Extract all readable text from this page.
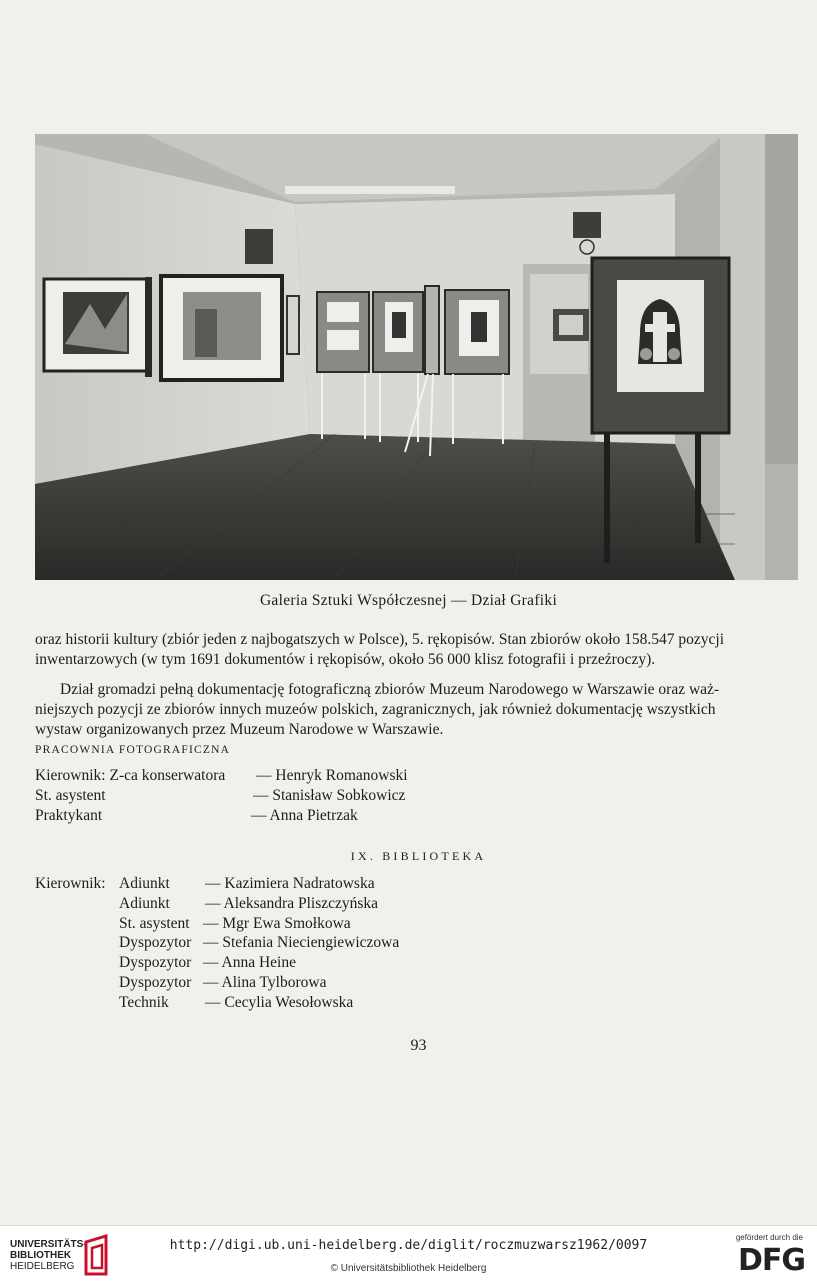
Galeria Sztuki Współczesnej — Dział Grafiki
oraz historii kultury (zbiór jeden z najbogatszych w Polsce), 5. rękopisów. Stan zbiorów około 158.547 pozycji
inwentarzowych (w tym 1691 dokumentów i rękopisów, około 56 000 klisz fotografii i przeźroczy).
Dział gromadzi pełną dokumentację fotograficzną zbiorów Muzeum Narodowego w Warszawie oraz waż-
niejszych pozycji ze zbiorów innych muzeów polskich, zagranicznych, jak również dokumentację wszystkich
wystaw organizowanych przez Muzeum Narodowe w Warszawie.
PRACOWNIA FOTOGRAFICZNA
Kierownik: Z-ca konserwatora — Henryk Romanowski
St. asystent	— Stanisław Sobkowicz
Praktykant	— Anna Pietrzak
IX. BIBLIOTEKA
Kierownik: Adiunkt — Kazimiera Nadratowska
Adiunkt — Aleksandra Pliszczyńska
St. asystent — Mgr Ewa Smołkowa
Dyspozytor — Stefania Nieciengiewiczowa
Dyspozytor — Anna Heine
Dyspozytor — Alina Tylborowa
Technik — Cecylia Wesołowska
93
UNIVERSITÄTS-
BIBLIOTHEK
HEIDELBERG
http://digi.ub.uni-heidelberg.de/diglit/roczmuzwarsz1962/0097
© Universitätsbibliothek Heidelberg
gefördert durch die
DFG
